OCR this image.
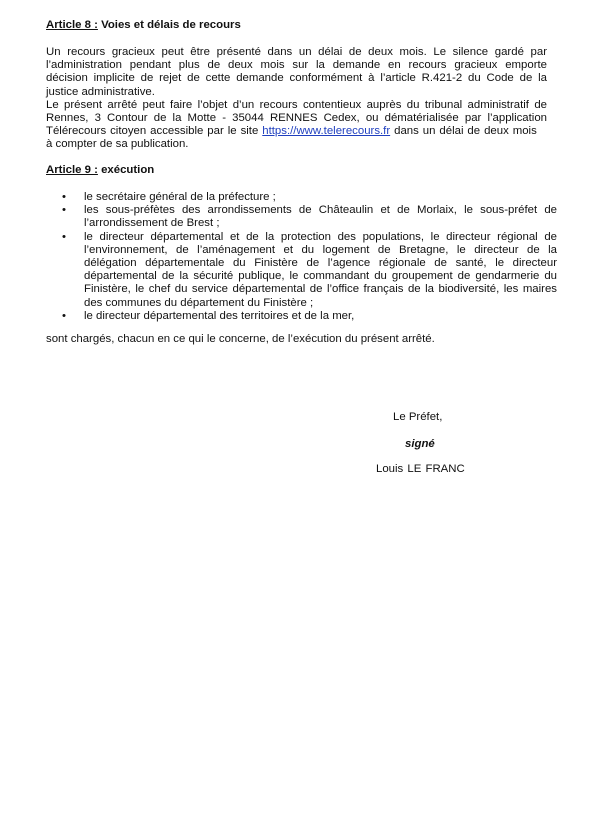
Article 8 : Voies et délais de recours
Un recours gracieux peut être présenté dans un délai de deux mois. Le silence gardé par
l’administration pendant plus de deux mois sur la demande en recours gracieux emporte
décision implicite de rejet de cette demande conformément à l’article R.421-2 du Code de la
justice administrative.
Le présent arrêté peut faire l’objet d’un recours contentieux auprès du tribunal administratif de
Rennes, 3 Contour de la Motte - 35044 RENNES Cedex, ou dématérialisée par l’application
Télérecours citoyen accessible par le site https://www.telerecours.fr dans un délai de deux mois
à compter de sa publication.
Article 9 : exécution
• le secrétaire général de la préfecture ;
• les sous-préfètes des arrondissements de Châteaulin et de Morlaix, le sous-préfet de
l’arrondissement de Brest ;
• le directeur départemental et de la protection des populations, le directeur régional de
l’environnement, de l’aménagement et du logement de Bretagne, le directeur de la
délégation départementale du Finistère de l’agence régionale de santé, le directeur
départemental de la sécurité publique, le commandant du groupement de gendarmerie du
Finistère, le chef du service départemental de l’office français de la biodiversité, les maires
des communes du département du Finistère ;
• le directeur départemental des territoires et de la mer,
sont chargés, chacun en ce qui le concerne, de l’exécution du présent arrêté.
Le Préfet,
signé
Louis LE FRANC
